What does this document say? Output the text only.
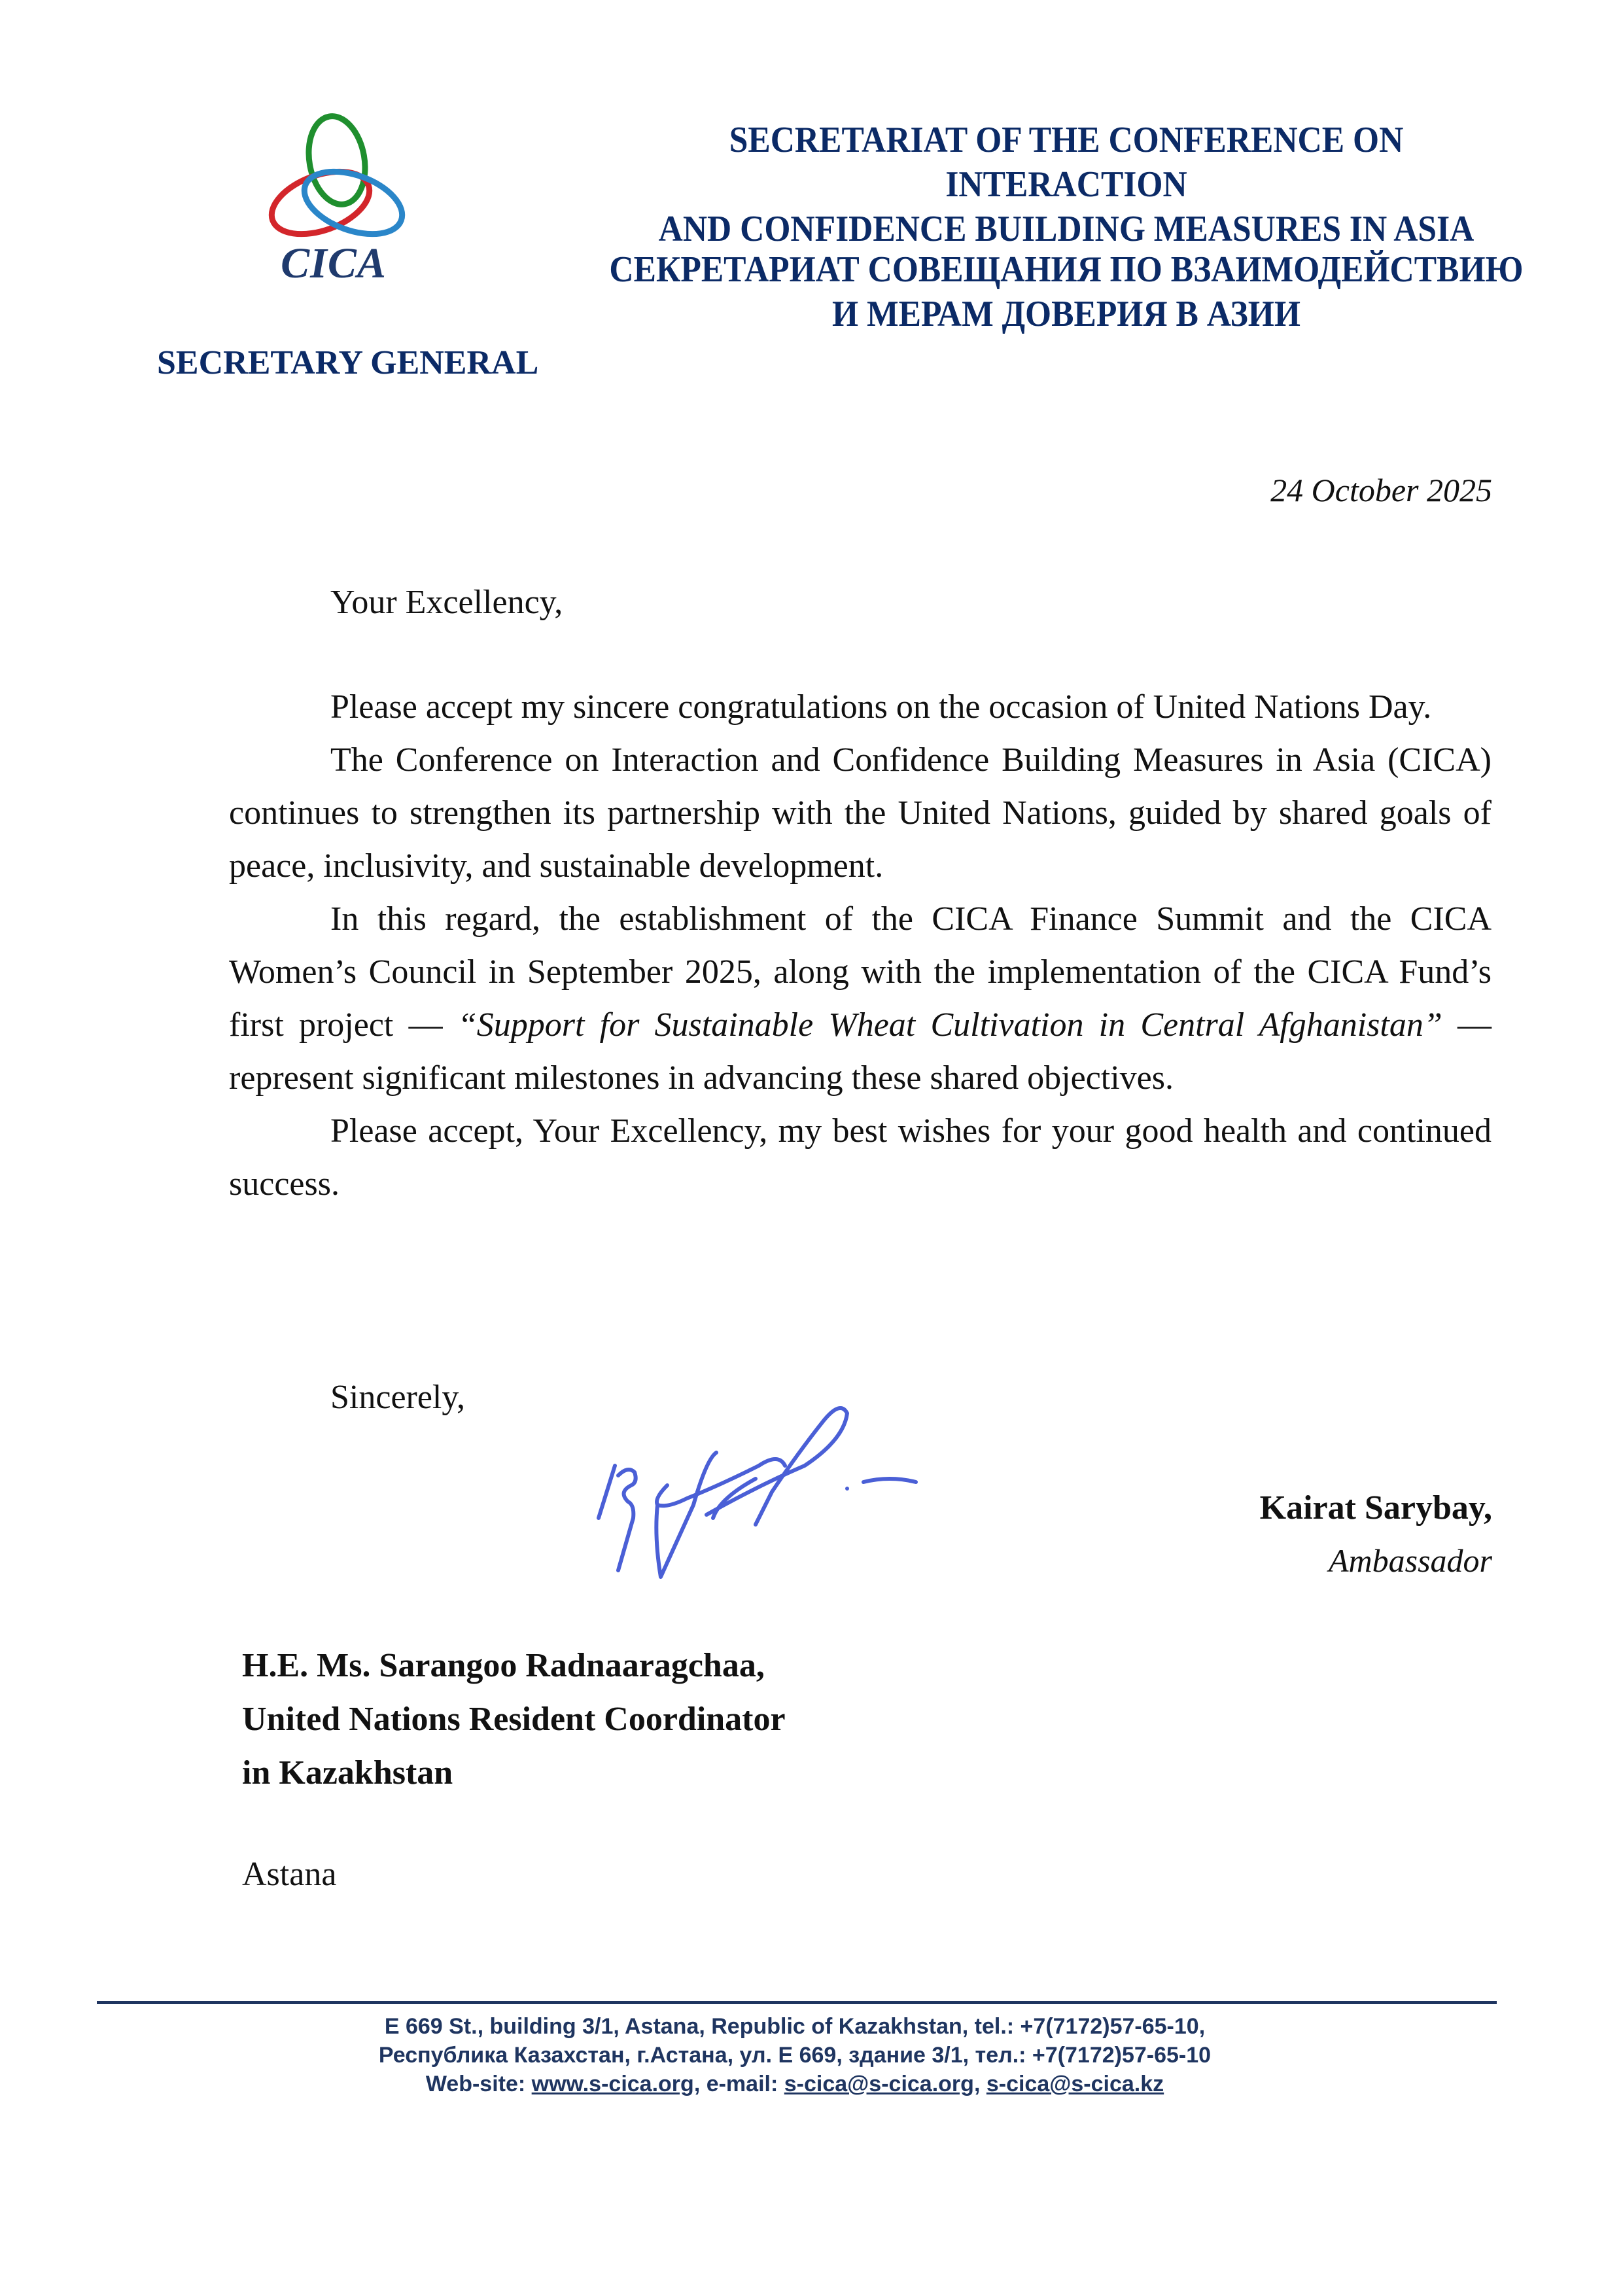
CICA
SECRETARY GENERAL
SECRETARIAT OF THE CONFERENCE ON INTERACTION
AND CONFIDENCE BUILDING MEASURES IN ASIA
СЕКРЕТАРИАТ СОВЕЩАНИЯ ПО ВЗАИМОДЕЙСТВИЮ
И МЕРАМ ДОВЕРИЯ В АЗИИ
24 October 2025
Your Excellency,

Please accept my sincere congratulations on the occasion of United Nations Day.

The Conference on Interaction and Confidence Building Measures in Asia (CICA) continues to strengthen its partnership with the United Nations, guided by shared goals of peace, inclusivity, and sustainable development.

In this regard, the establishment of the CICA Finance Summit and the CICA Women’s Council in September 2025, along with the implementation of the CICA Fund’s first project — “Support for Sustainable Wheat Cultivation in Central Afghanistan” — represent significant milestones in advancing these shared objectives.

Please accept, Your Excellency, my best wishes for your good health and continued success.

Sincerely,
Kairat Sarybay,
Ambassador
H.E. Ms. Sarangoo Radnaaragchaa,
United Nations Resident Coordinator
in Kazakhstan
Astana
E 669 St., building 3/1, Astana, Republic of Kazakhstan, tel.: +7(7172)57-65-10,
Республика Казахстан, г.Астана, ул. E 669, здание 3/1, тел.: +7(7172)57-65-10
Web-site: www.s-cica.org, e-mail: s-cica@s-cica.org, s-cica@s-cica.kz
